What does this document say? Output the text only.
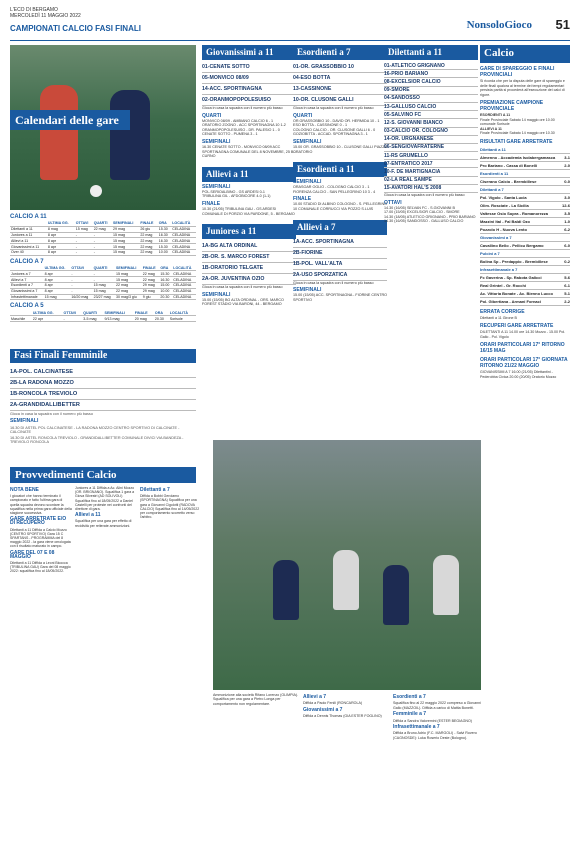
L'ECO DI BERGAMO
MERCOLEDÌ 11 MAGGIO 2022
CAMPIONATI CALCIO FASI FINALI	NonsoloGioco 51
Calendari delle gare
CALCIO A 11
	ULTIMA GG.	OTTAVI	QUARTI	SEMIFINALI	FINALE	ORA	LOCALITÀ
Dilettanti a 11	8 mag	15 mag	22 mag	29 mag	26 giu	15.30	CELADINA
Juniores a 11	8 apr	-	-	15 mag	22 mag	16.30	CELADINA
Allievi a 11	8 apr	-	-	15 mag	22 mag	16.30	CELADINA
Giovanissimi a 11	8 apr	-	-	15 mag	22 mag	15.30	CELADINA
Over 40	8 apr	-	-	15 mag	22 mag	10.00	CELADINA
CALCIO A 7
	ULTIMA GG.	OTTAVI	QUARTI	SEMIFINALI	FINALE	ORA	LOCALITÀ
Juniores a 7	8 apr	-	-	15 mag	22 mag	15.30	CELADINA
Allievi a 7	8 apr	-	-	15 mag	22 mag	16.30	CELADINA
Esordienti a 7	8 apr	-	15 mag	22 mag	29 mag	15.00	CELADINA
Giovanissimi a 7	8 apr	-	15 mag	22 mag	29 mag	10.00	CELADINA
Infrastettimanale	15 mag	16/20 mag	23/27 mag	30 mag/3 giu	9 giu	20.30	CELADINA
CALCIO A 5
	ULTIMA GG.	OTTAVI	QUARTI	SEMIFINALI	FINALE	ORA	LOCALITÀ
Maschile	22 apr	-	3-5 mag	9/13 mag	20 mag	20.30	Sorisole
Fasi Finali Femminile
1A-POL. CALCINATESE
2B-LA RADONA MOZZO
1B-RONCOLA TREVIOLO
2A-GRANDIDALLIBETTER
Gioca in casa la squadra con il numero più basso
SEMIFINALI
16.30 DI ASTEL POL CALCINATESE - LA RADONA MOZZO CENTRO SPORTIVO DI CALCINATE - CALCINATE
16.30 DI ASTEL RONCOLA TREVIOLO - GRANDIDALLIBETTER COMUNALE DIVICI VIA BANDEZA - TREVIOLO RONCOLA
Giovanissimi a 11
01-CENATE SOTTO
05-MONVICO 08/09
14-ACC. SPORTINAGNA
02-ORANMOPOPOLESUISO
Gioca in casa la squadra con il numero più basso
QUARTI
MONVICO 08/09 - AMBIANO CALCIO 6 - 1
ORATORIO ZOGNO - ACC SPORTINAGNA 10 1-2
ORANMOPOPOLESUISO - DR. PALESIO 1 - 0
CENATE SOTTO - PUMENA 3 - 1
SEMIFINALI
16.30 CENATE SOTTO - MONVICO 08/09 ACC SPORTINAGNA COMUNALE DEL 8 NOVEMBRE, 25 B - CURNO
Allievi a 11
SEMIFINALI
POL.SERIOALBINO - GS ARDESI 0-1
TRIBULINA GIL - AFDOBICORE 4-0 (1-1)
FINALE
10.30 (21/05) TRIBULINA GAU - GS ARDESI COMUNALE DI PORZIO VIA PARDONE, 5 - BERGAMO
Juniores a 11
1A-BG ALTA ORDINAL
2B-OR. S. MARCO FOREST
1B-ORATORIO TELGATE
2A-OR. JUVENTINA OZIO
Gioca in casa la squadra con il numero più basso
SEMIFINALI
15.00 (15/05) BG ALTA ORDINAL - ORS. MARCO FOREST STADIO VIA BARONI, 44 - BERGAMO
Esordienti a 7
01-OR. GRASSOBBIO 10
04-ESO BOTTA
13-CASSINONE
10-OR. CLUSONE GALLI
Gioca in casa la squadra con il numero più basso
QUARTI
OR.GRASSOBBIO 10 - DAVID OR. HERMIDA 10 - 1
ESO BOTTA - CASSINONE 0 - 1
COLOGNO CALCIO - OR. CLUSONE GALLI 6 - 0
GOZIOBITTA - ACCAD. SPORTINAGNA 3 - 1
SEMIFINALI
15.00 OR. GRASSOBBIO 10 - CLUSONE GALLI PIAZZA ORATORIO
Esordienti a 11
SEMIFINALI
ORASOAR OGLIO - COLOGNO CALCIO 3 - 1 FIORENZA CALCIO - SAN PELLEGRINO 10 3 - 4
FINALE
10.00 STADIO DI ALBINO COLOGNO - S. PELLEGRINO 10 COMUNALE CORRUCCI VIA POZZO S.LUIS
Allievi a 7
1A-ACC. SPORTINAGNA
2B-FIORINE
1B-POL. VALL'ALTA
2A-USO SPORZATICA
Gioca in casa la squadra con il numero più basso
SEMIFINALI
15.00 (15/05) ACC. SPORTINAGNA - FIORINE CENTRO SPORTIVO
Dilettanti a 11
01-ATLETICO GRIGNANO
16-PRIO BARIANO
08-EXCELSIOR CALCIO
09-SMORE
04-SANDOSSO
13-GALLUSO CALCIO
05-SALVINO FC
12-S. GIOVANNI BIANCO
03-CALCIO OR. COLOGNO
14-OR. URGNANESE
06-SENGIOVAFRATERNE
11-RS GRUMELLO
07-ENTRATICO 2017
10-F. DE MARTIGNACIA
02-LA REAL SAMPE
15-AVATORI HAL'S 2008
Gioca in casa la squadra con il numero più basso
OTTAVI
14.30 (16/05) SELVAN FC - S.GIOVANNI B
17.00 (15/05) EXCELSIOR CALCIO - SMORE
14.30 (18/05) ATLETICO GRIGNANO - PRIO BARIANO
14.30 (16/05) SANDOSSO - GALLUSO CALCIO
Calcio
GARE DI SPAREGGIO E FINALI PROVINCIALI
Si ricorda che per la disputa delle gare di spareggio e delle finali qualora al termine dei tempi regolamentari persista parità si procederà all'esecuzione dei calci di rigore.
PREMIAZIONE CAMPIONE PROVINCIALE
ESORDIENTI A 11
Finale Provinciale Sabato 14 maggio ore 10.00 comunale Sorisole
ALLIEVI A 11
Finale Provinciale Sabato 14 maggio ore 10.30
RISULTATI GARE ARRETRATE
Dilettanti a 11
Almenno - Accademia Isolabergamasca 3-1
Pro Bariano - Cassa di Bonelli	2-0
Esordienti a 11
Ciserano Calcio - Brembillese	0-0
Dilettanti a 7
Pol. Vigolo - Santa Lucia	3-0
Olim. Rosciate - La Sicilia	12-6
Valtesse Osio Sopra - Romanorezza	3-5
Mazzini Ital - Fal Baldi Ozo	1-0
Pozzolo H - Nuova Lento	6-2
Giovanissimi a 7
Cavallino Bello - Pellicu Bergamo	6-0
Pulcini a 7
Bolina Sp - Predappio - Brembillese	0-2
Infrasettimanale a 7
Fc Gaverina - Sp. Rabota Galicci	5-6
Real Grintel - Gr. Rocchi	6-1
Ac. Vittoria Bonate - Ac. Bienno Lucco	5-1
Pol. Gibertiana - Armani Fornaci	2-2
ERRATA CORRIGE
Dilettanti a 11 Girone B
RECUPERI GARE ARRETRATE
DILETTANTI A 11 14.00 ore 14.30 Mozzo - 15.00 Pol. Gallo - Pol. Vigolo
ORARI PARTICOLARI 17° RITORNO 16/15 MAG
ORARI PARTICOLARI 17° GIORNATA RITORNO 21/22 MAGGIO
GIOVANISSIMI A 7 16.00 (21/05) Dilettantini - Pederobba Civica 20.00 (20/05) Oratorio Mozzo
Provvedimenti Calcio
NOTA BENE
I giocatori che hanno terminato il campionato e fatto l'ultima gara di quella squadra devono scontare la squalifica nella prima gara ufficiale della stagione successiva.
GARE ARRETRATE E/O DI RECUPERO
Dilettanti a 11 Diffida a Calcio Mozzo (CENTRO SPORTIVO) Gara 15 C SPARTANS - PROGRAMMA del 8 maggio 2022 - la gara viene omologata con il risultato maturato in campo.
GARE DEL 07 E 08 MAGGIO
Dilettanti a 11 Diffida a Leoni Bicocca (TRIBULINA GAU) Gara del 08 maggio 2022: squalifica fino al 18/05/2022.
Juniores a 11 Diffida a Ac. Alini Mozzo (OR. BRIGNANO). Squalifica 1 gara a Giova Silvestri (AD SOLIVOLI) Squalifica fino al 18/05/2022 a Daniel Castelli per proteste nei confronti del direttore di gara.
Allievi a 11
Squalifica per una gara per effetto di recidività per reiterate ammonizioni.
Dilettanti a 7
Diffida a Bobbi Gerolamo (SPORTINAGNA) Squalifica per una gara a Giovanni Cigolotti (RADOVA CALCIO) Squalifica fino al 14/05/2022 per comportamento scorretto verso l'arbitro.
Ammonizione alla società Rifano Lorenzo (OLIMPIA). Squalifica per una gara a Pietro Longa per comportamento non regolamentare.
Allievi a 7
Diffida a Paolo Fenili (RONCAROLA)
Giovanissimi a 7
Diffida a Dennis Thomas (GIA ESTER FOGLINO)
Esordienti a 7
Squalifica fino al 22 maggio 2022 compreso a Giovanni Gallo (MAZZOIL). Diffida a carico di Mattia Bonetti.
Femminile a 7
Diffida a Sandra Valoremini (ESTER BEGIAGNO)
Infrasettimanale a 7
Diffida a Bruno Adrio (F.C. MARGOLI) - Salvi Rovero (CAGNOSDE): Luka Roserio Deste (Bologno).
